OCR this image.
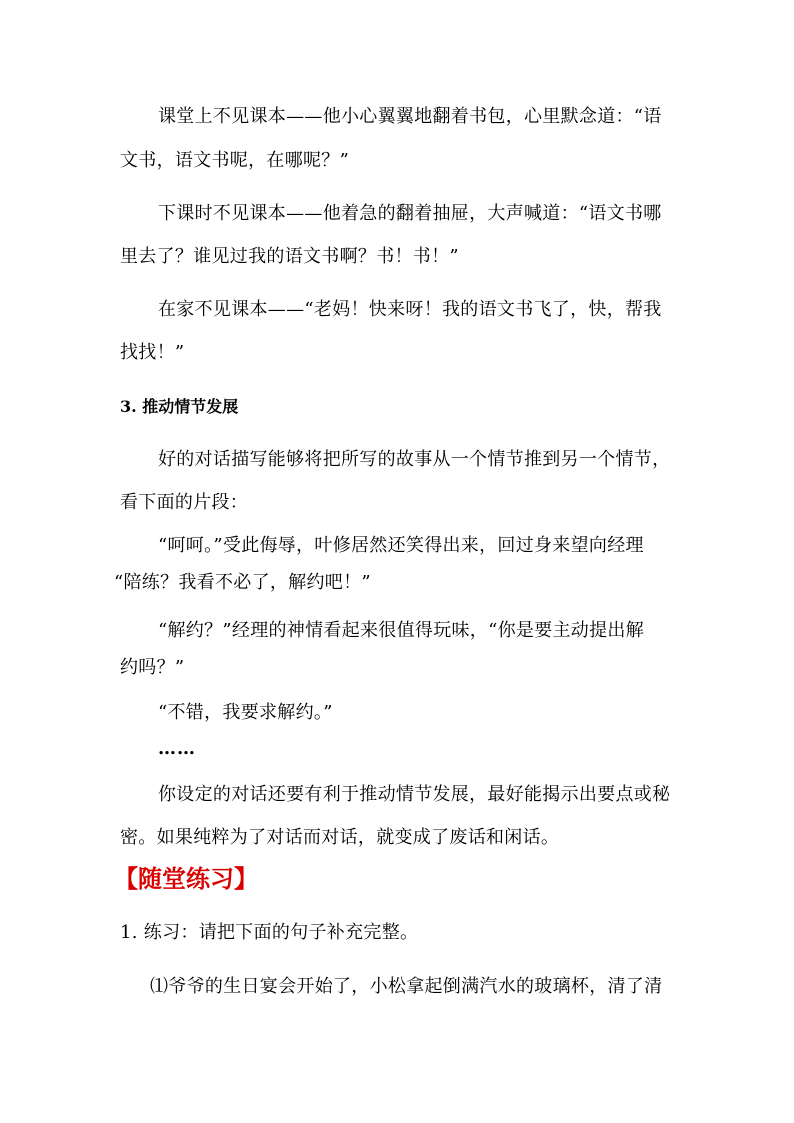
课堂上不见课本——他小心翼翼地翻着书包，心里默念道：“语
文书，语文书呢，在哪呢？”
下课时不见课本——他着急的翻着抽屉，大声喊道：“语文书哪
里去了？谁见过我的语文书啊？书！书！”
在家不见课本——“老妈！快来呀！我的语文书飞了，快，帮我
找找！”
3. 推动情节发展
好的对话描写能够将把所写的故事从一个情节推到另一个情节，
看下面的片段：
“呵呵。”受此侮辱，叶修居然还笑得出来，回过身来望向经理
“陪练？我看不必了，解约吧！”
“解约？”经理的神情看起来很值得玩味，“你是要主动提出解
约吗？”
“不错，我要求解约。”
……
你设定的对话还要有利于推动情节发展，最好能揭示出要点或秘
密。如果纯粹为了对话而对话，就变成了废话和闲话。
【随堂练习】
1. 练习：请把下面的句子补充完整。
⑴爷爷的生日宴会开始了，小松拿起倒满汽水的玻璃杯，清了清
